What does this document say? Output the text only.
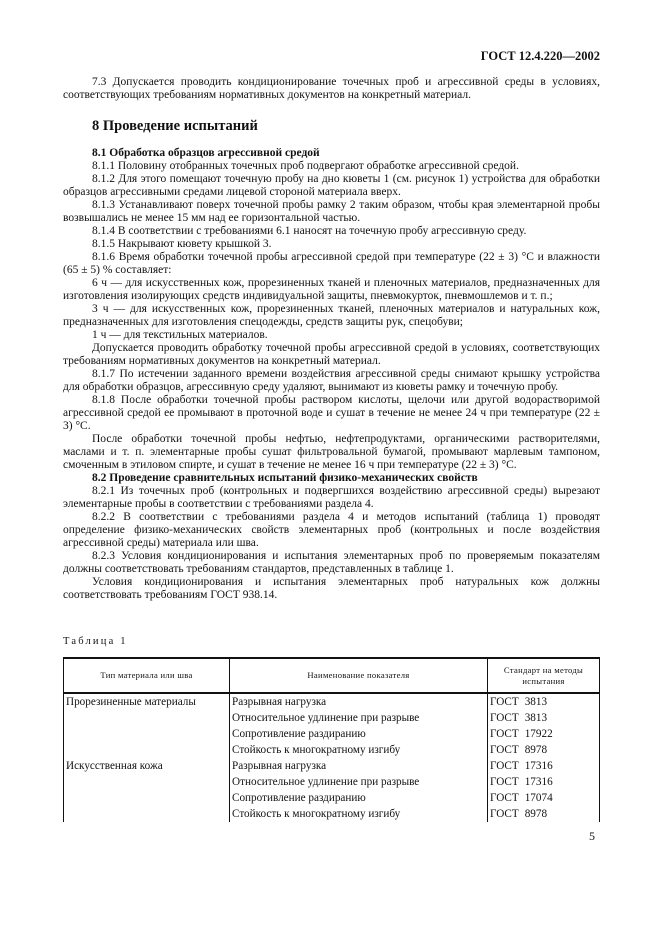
ГОСТ 12.4.220—2002

7.3 Допускается проводить кондиционирование точечных проб и агрессивной среды в условиях, соответствующих требованиям нормативных документов на конкретный материал.

8 Проведение испытаний

8.1 Обработка образцов агрессивной средой

8.1.1 Половину отобранных точечных проб подвергают обработке агрессивной средой.

8.1.2 Для этого помещают точечную пробу на дно кюветы 1 (см. рисунок 1) устройства для обработки образцов агрессивными средами лицевой стороной материала вверх.

8.1.3 Устанавливают поверх точечной пробы рамку 2 таким образом, чтобы края элементарной пробы возвышались не менее 15 мм над ее горизонтальной частью.

8.1.4 В соответствии с требованиями 6.1 наносят на точечную пробу агрессивную среду.

8.1.5 Накрывают кювету крышкой 3.

8.1.6 Время обработки точечной пробы агрессивной средой при температуре (22 ± 3) °С и влажности (65 ± 5) % составляет:

6 ч — для искусственных кож, прорезиненных тканей и пленочных материалов, предназначенных для изготовления изолирующих средств индивидуальной защиты, пневмокурток, пневмошлемов и т. п.;

3 ч — для искусственных кож, прорезиненных тканей, пленочных материалов и натуральных кож, предназначенных для изготовления спецодежды, средств защиты рук, спецобуви;

1 ч — для текстильных материалов.

Допускается проводить обработку точечной пробы агрессивной средой в условиях, соответствующих требованиям нормативных документов на конкретный материал.

8.1.7 По истечении заданного времени воздействия агрессивной среды снимают крышку устройства для обработки образцов, агрессивную среду удаляют, вынимают из кюветы рамку и точечную пробу.

8.1.8 После обработки точечной пробы раствором кислоты, щелочи или другой водорастворимой агрессивной средой ее промывают в проточной воде и сушат в течение не менее 24 ч при температуре (22 ± 3) °С.

После обработки точечной пробы нефтью, нефтепродуктами, органическими растворителями, маслами и т. п. элементарные пробы сушат фильтровальной бумагой, промывают марлевым тампоном, смоченным в этиловом спирте, и сушат в течение не менее 16 ч при температуре (22 ± 3) °С.

8.2 Проведение сравнительных испытаний физико-механических свойств

8.2.1 Из точечных проб (контрольных и подвергшихся воздействию агрессивной среды) вырезают элементарные пробы в соответствии с требованиями раздела 4.

8.2.2 В соответствии с требованиями раздела 4 и методов испытаний (таблица 1) проводят определение физико-механических свойств элементарных проб (контрольных и после воздействия агрессивной среды) материала или шва.

8.2.3 Условия кондиционирования и испытания элементарных проб по проверяемым показателям должны соответствовать требованиям стандартов, представленных в таблице 1.

Условия кондиционирования и испытания элементарных проб натуральных кож должны соответствовать требованиям ГОСТ 938.14.

Таблица 1
Тип материала или шва	Наименование показателя	Стандарт на методы испытания
Прорезиненные материалы	Разрывная нагрузка	ГОСТ 3813
	Относительное удлинение при разрыве	ГОСТ 3813
	Сопротивление раздиранию	ГОСТ 17922
	Стойкость к многократному изгибу	ГОСТ 8978
Искусственная кожа	Разрывная нагрузка	ГОСТ 17316
	Относительное удлинение при разрыве	ГОСТ 17316
	Сопротивление раздиранию	ГОСТ 17074
	Стойкость к многократному изгибу	ГОСТ 8978
5
